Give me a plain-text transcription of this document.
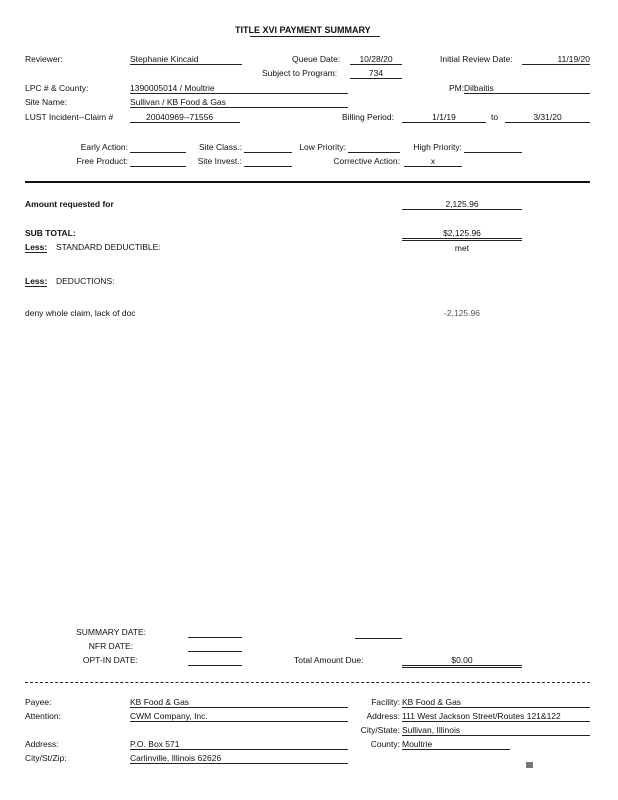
TITLE XVI PAYMENT SUMMARY
Reviewer:	Stephanie Kincaid	Queue Date:	10/28/20	Initial Review Date:	11/19/20
Subject to Program:	734
LPC # & County:	1390005014 / Moultrie	PM: Dilbaitis
Site Name:	Sullivan / KB Food & Gas
LUST Incident--Claim #	20040969--71556	Billing Period:	1/1/19	to	3/31/20
Early Action:	Site Class.:	Low Priority:	High Priority:
Free Product:	Site Invest.:	Corrective Action:	x
Amount requested for	2,125.96
SUB TOTAL:	$2,125.96
Less: STANDARD DEDUCTIBLE:	met
Less: DEDUCTIONS:
deny whole claim, lack of doc	-2,125.96
SUMMARY DATE:
NFR DATE:
OPT-IN DATE:	Total Amount Due:	$0.00
Payee:	KB Food & Gas
Attention:	CWM Company, Inc.
Address:	P.O. Box 571
City/St/Zip:	Carlinville, Illinois 62626
Facility: KB Food & Gas
Address: 111 West Jackson Street/Routes 121&122
City/State: Sullivan, Illinois
County: Moultrie
